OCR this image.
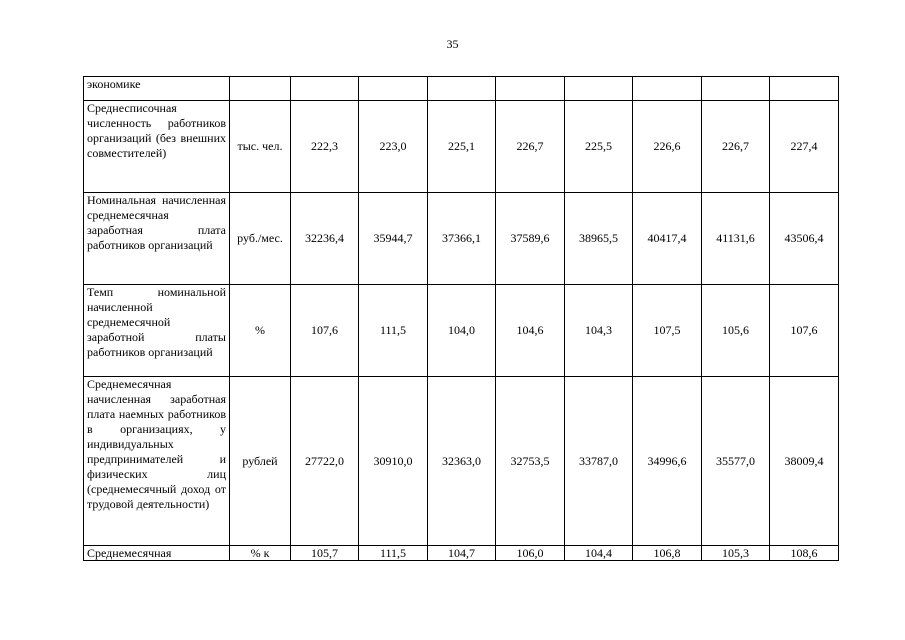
35
экономике									
Среднесписочная численность работников организаций (без внешних совместителей)	тыс. чел.	222,3	223,0	225,1	226,7	225,5	226,6	226,7	227,4
Номинальная начисленная среднемесячная заработная плата работников организаций	руб./мес.	32236,4	35944,7	37366,1	37589,6	38965,5	40417,4	41131,6	43506,4
Темп номинальной начисленной среднемесячной заработной платы работников организаций	%	107,6	111,5	104,0	104,6	104,3	107,5	105,6	107,6
Среднемесячная начисленная заработная плата наемных работников в организациях, у индивидуальных предпринимателей и физических лиц (среднемесячный доход от трудовой деятельности)	рублей	27722,0	30910,0	32363,0	32753,5	33787,0	34996,6	35577,0	38009,4
Среднемесячная	% к	105,7	111,5	104,7	106,0	104,4	106,8	105,3	108,6
